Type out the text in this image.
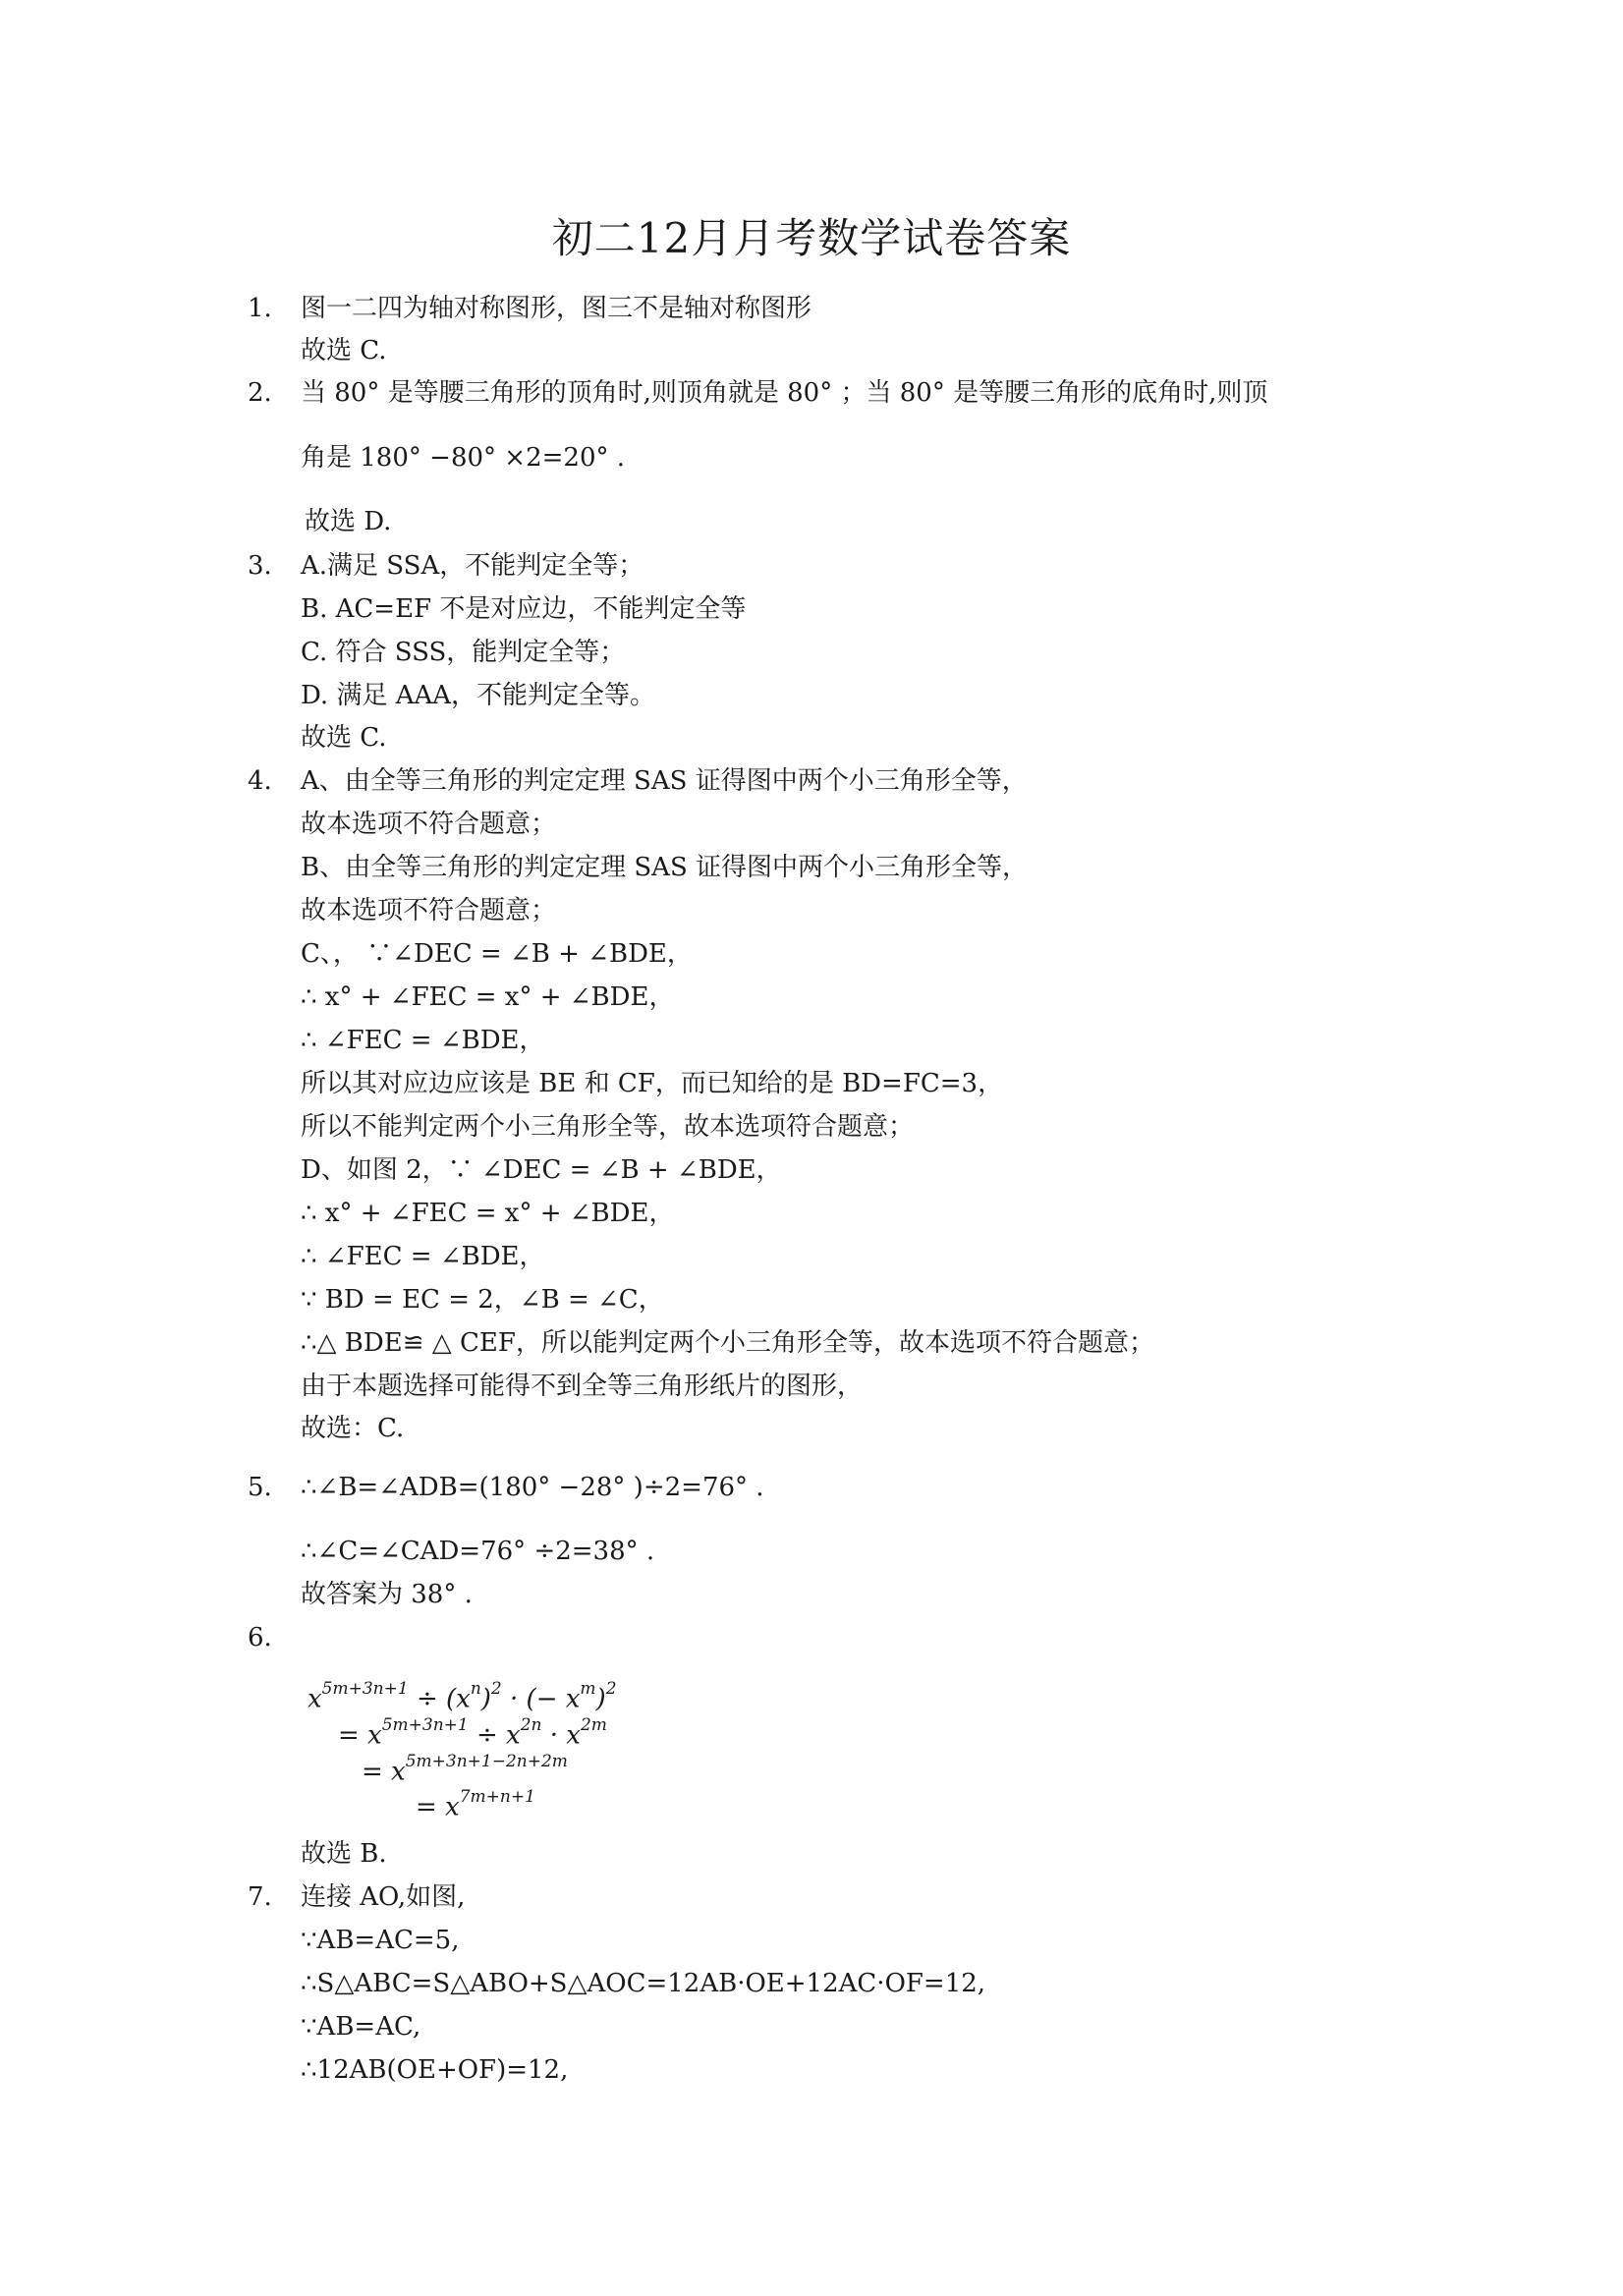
初二12月月考数学试卷答案
1. 图一二四为轴对称图形，图三不是轴对称图形
故选 C.
2. 当 80° 是等腰三角形的顶角时,则顶角就是 80° ；当 80° 是等腰三角形的底角时,则顶
角是 180° −80° ×2=20° .
故选 D.
3. A.满足 SSA，不能判定全等；
B. AC=EF 不是对应边，不能判定全等
C. 符合 SSS，能判定全等；
D. 满足 AAA，不能判定全等。
故选 C.
4. A、由全等三角形的判定定理 SAS 证得图中两个小三角形全等，
故本选项不符合题意；
B、由全等三角形的判定定理 SAS 证得图中两个小三角形全等，
故本选项不符合题意；
C、， ∵∠DEC = ∠B + ∠BDE，
∴ x° + ∠FEC = x° + ∠BDE，
∴ ∠FEC = ∠BDE，
所以其对应边应该是 BE 和 CF，而已知给的是 BD=FC=3，
所以不能判定两个小三角形全等，故本选项符合题意；
D、如图 2，∵ ∠DEC = ∠B + ∠BDE，
∴ x° + ∠FEC = x° + ∠BDE，
∴ ∠FEC = ∠BDE，
∵ BD = EC = 2，∠B = ∠C，
∴△ BDE≌ △ CEF，所以能判定两个小三角形全等，故本选项不符合题意；
由于本题选择可能得不到全等三角形纸片的图形，
故选：C.
5. ∴∠B=∠ADB=(180° −28° )÷2=76° .
∴∠C=∠CAD=76° ÷2=38° .
故答案为 38° .
6.
$x^{5m+3n+1} \div (x^n)^2$ · (− $x^m)^2$
= $x^{5m+3n+1} \div x^{2n} \cdot x^{2m}$
= $x^{5m+3n+1-2n+2m}$
= $x^{7m+n+1}$
故选 B.
7. 连接 AO,如图,
∵AB=AC=5,
∴S△ABC=S△ABO+S△AOC=12AB·OE+12AC·OF=12,
∵AB=AC,
∴12AB(OE+OF)=12,
